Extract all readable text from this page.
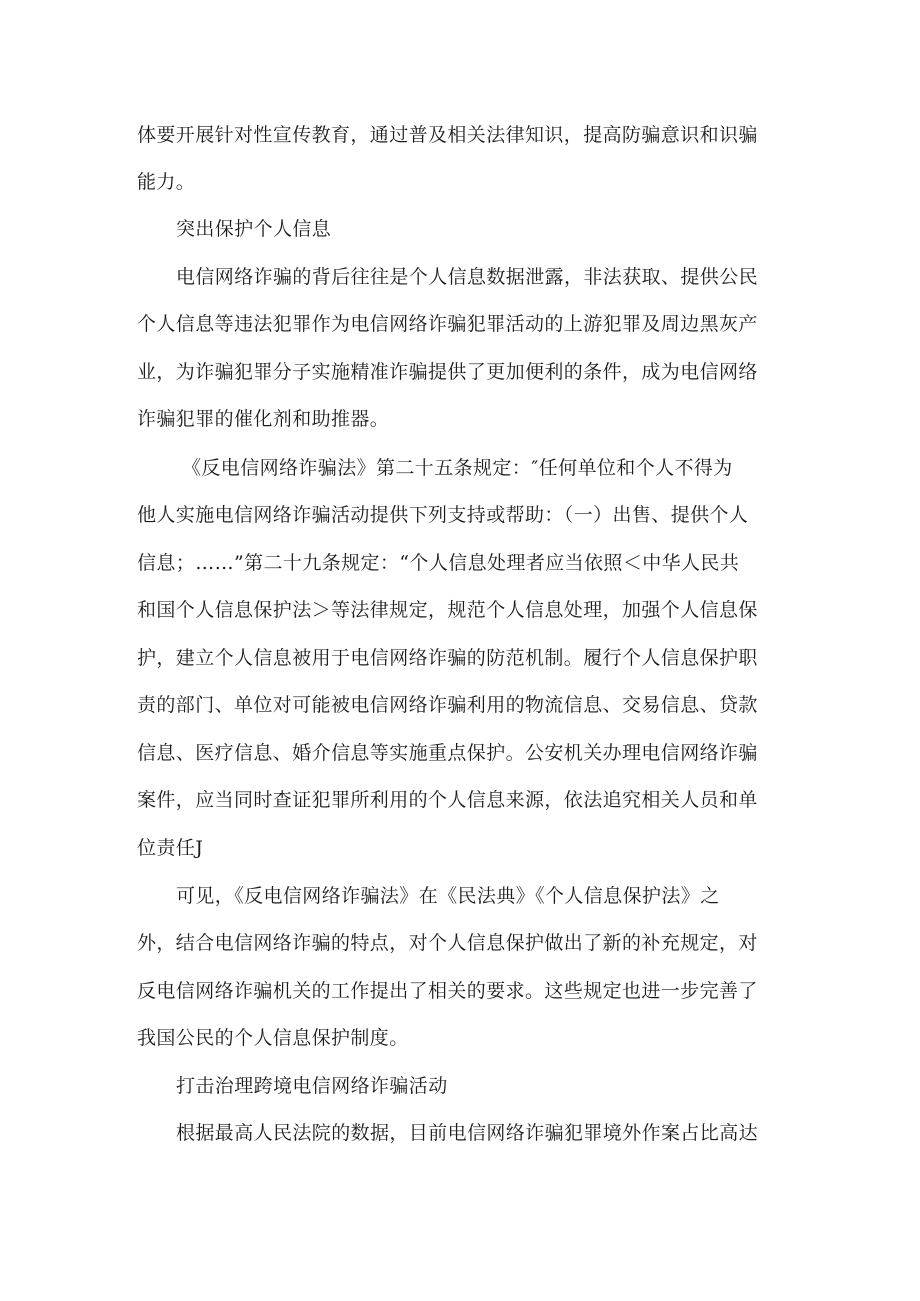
体要开展针对性宣传教育，通过普及相关法律知识，提高防骗意识和识骗
能力。
突出保护个人信息
电信网络诈骗的背后往往是个人信息数据泄露，非法获取、提供公民
个人信息等违法犯罪作为电信网络诈骗犯罪活动的上游犯罪及周边黑灰产
业，为诈骗犯罪分子实施精准诈骗提供了更加便利的条件，成为电信网络
诈骗犯罪的催化剂和助推器。
《反电信网络诈骗法》第二十五条规定：″任何单位和个人不得为
他人实施电信网络诈骗活动提供下列支持或帮助：（一）出售、提供个人
信息；……”第二十九条规定：“个人信息处理者应当依照＜中华人民共
和国个人信息保护法＞等法律规定，规范个人信息处理，加强个人信息保
护，建立个人信息被用于电信网络诈骗的防范机制。履行个人信息保护职
责的部门、单位对可能被电信网络诈骗利用的物流信息、交易信息、贷款
信息、医疗信息、婚介信息等实施重点保护。公安机关办理电信网络诈骗
案件，应当同时查证犯罪所利用的个人信息来源，依法追究相关人员和单
位责任J
可见，《反电信网络诈骗法》在《民法典》《个人信息保护法》之
外，结合电信网络诈骗的特点，对个人信息保护做出了新的补充规定，对
反电信网络诈骗机关的工作提出了相关的要求。这些规定也进一步完善了
我国公民的个人信息保护制度。
打击治理跨境电信网络诈骗活动
根据最高人民法院的数据，目前电信网络诈骗犯罪境外作案占比高达
